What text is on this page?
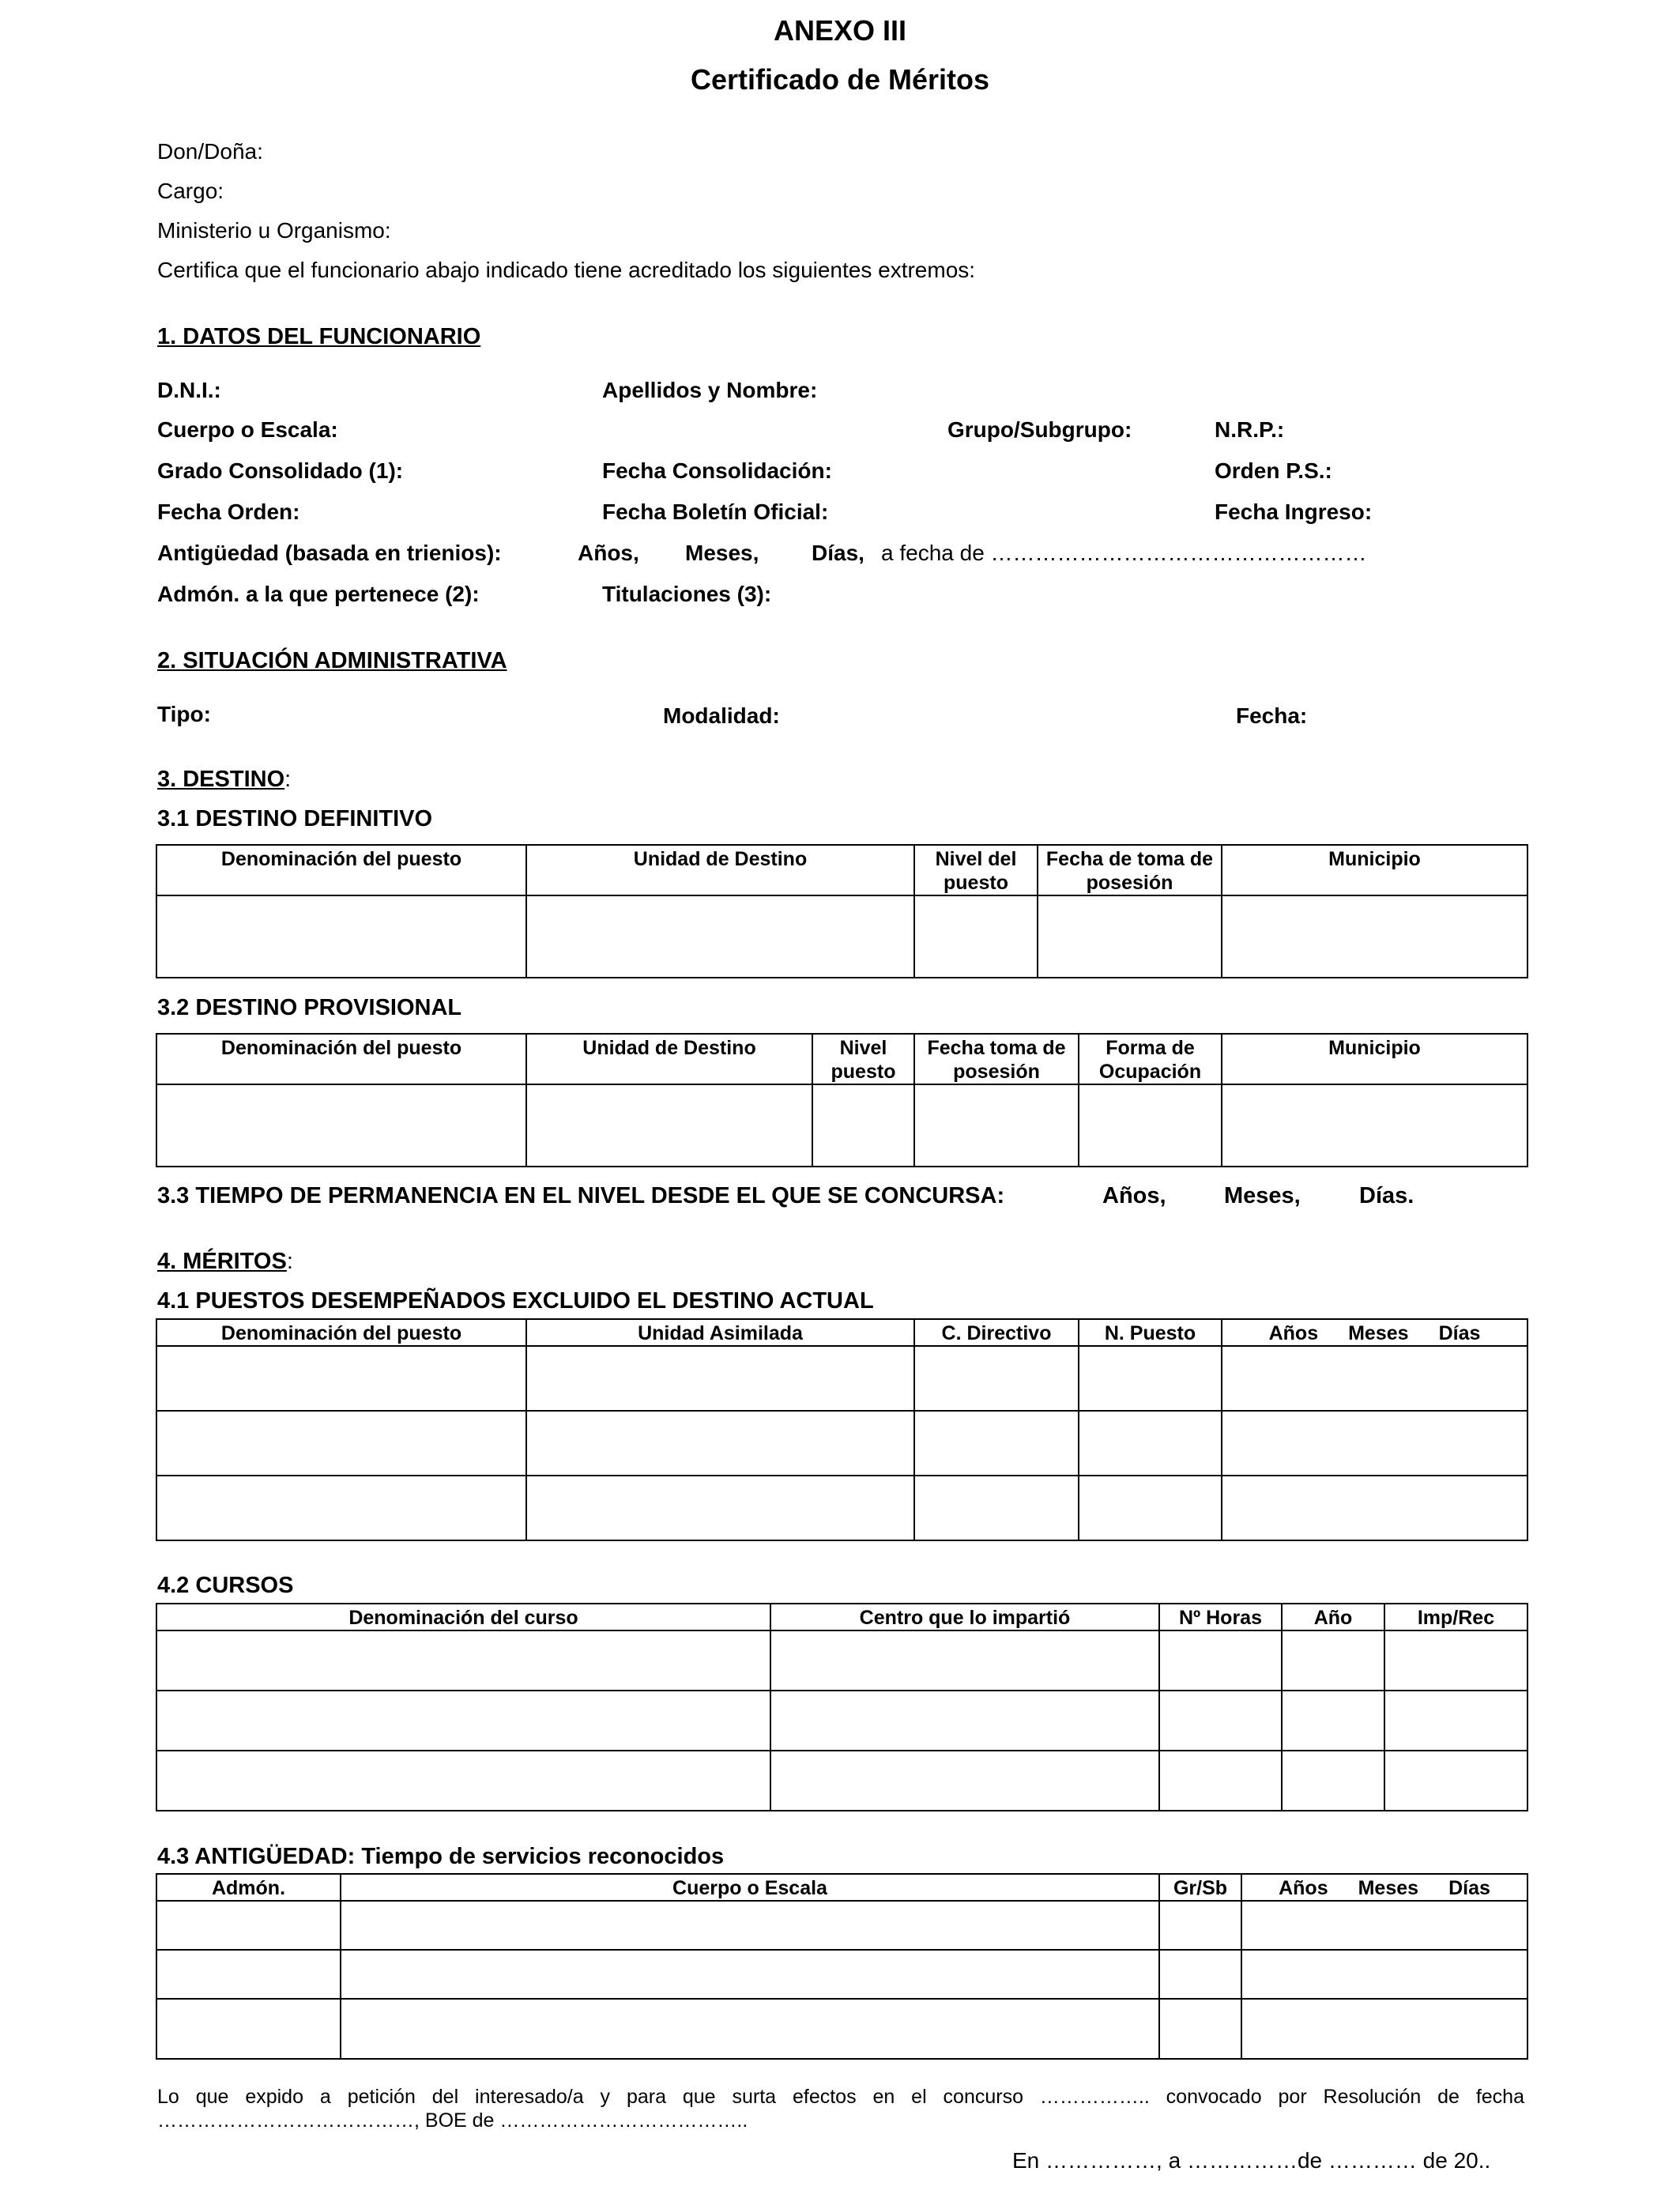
ANEXO III
Certificado de Méritos
Don/Doña:
Cargo:
Ministerio u Organismo:
Certifica que el funcionario abajo indicado tiene acreditado los siguientes extremos:
1. DATOS DEL FUNCIONARIO
D.N.I.:	Apellidos y Nombre:
Cuerpo o Escala:	Grupo/Subgrupo:	N.R.P.:
Grado Consolidado (1):	Fecha Consolidación:	Orden P.S.:
Fecha Orden:	Fecha Boletín Oficial:	Fecha Ingreso:
Antigüedad (basada en trienios):	Años, Meses, Días, a fecha de ……………………………………………
Admón. a la que pertenece (2):	Titulaciones (3):
2. SITUACIÓN ADMINISTRATIVA
Tipo:	Modalidad:	Fecha:
3. DESTINO:
3.1 DESTINO DEFINITIVO
Denominación del puesto	Unidad de Destino	Nivel del puesto	Fecha de toma de posesión	Municipio

3.2 DESTINO PROVISIONAL
Denominación del puesto	Unidad de Destino	Nivel puesto	Fecha toma de posesión	Forma de Ocupación	Municipio

3.3 TIEMPO DE PERMANENCIA EN EL NIVEL DESDE EL QUE SE CONCURSA:	Años,	Meses,	Días.
4. MÉRITOS:
4.1 PUESTOS DESEMPEÑADOS EXCLUIDO EL DESTINO ACTUAL
Denominación del puesto	Unidad Asimilada	C. Directivo	N. Puesto	Años Meses Días

4.2 CURSOS
Denominación del curso	Centro que lo impartió	Nº Horas	Año	Imp/Rec

4.3 ANTIGÜEDAD: Tiempo de servicios reconocidos
Admón.	Cuerpo o Escala	Gr/Sb	Años Meses Días

Lo que expido a petición del interesado/a y para que surta efectos en el concurso …………….. convocado por Resolución de fecha
…………………………………, BOE de ………………………………..
En ……………, a ……………de ………… de 20..
